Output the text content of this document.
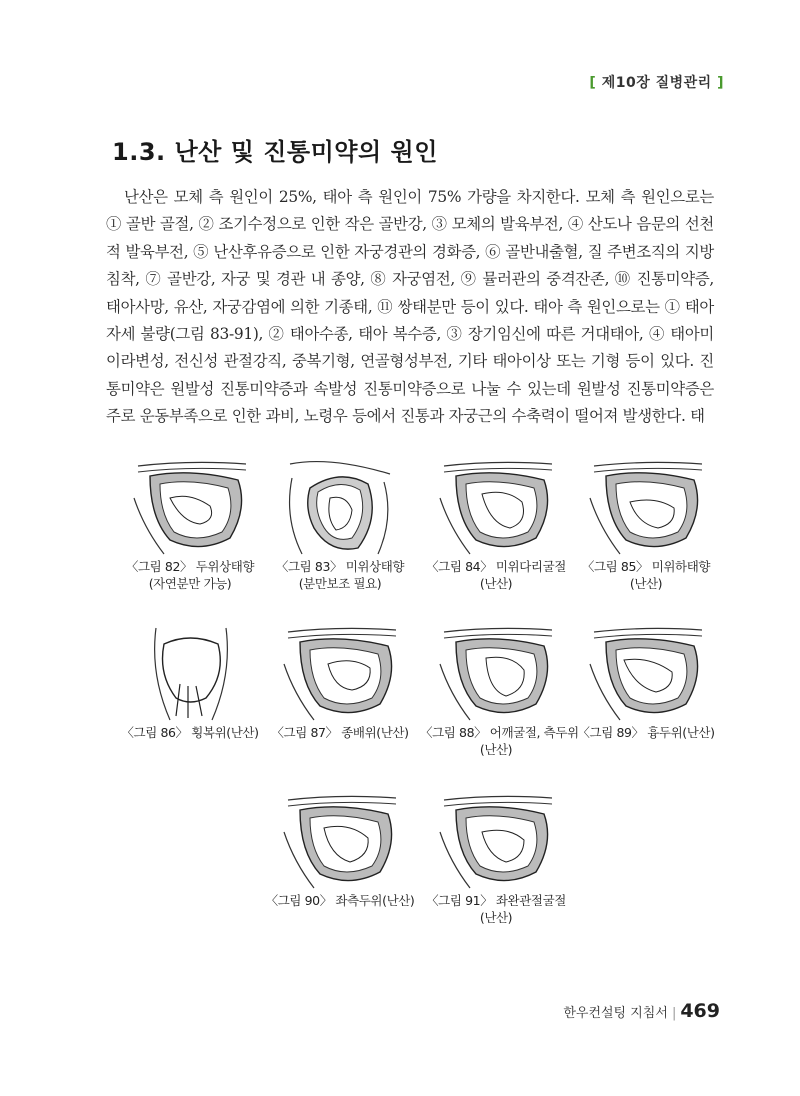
[ 제10장 질병관리 ]
1.3. 난산 및 진통미약의 원인

난산은 모체 측 원인이 25%, 태아 측 원인이 75% 가량을 차지한다. 모체 측 원인으로는 ① 골반 골절, ② 조기수정으로 인한 작은 골반강, ③ 모체의 발육부전, ④ 산도나 음문의 선천적 발육부전, ⑤ 난산후유증으로 인한 자궁경관의 경화증, ⑥ 골반내출혈, 질 주변조직의 지방침착, ⑦ 골반강, 자궁 및 경관 내 종양, ⑧ 자궁염전, ⑨ 뮬러관의 중격잔존, ⑩ 진통미약증, 태아사망, 유산, 자궁감염에 의한 기종태, ⑪ 쌍태분만 등이 있다. 태아 측 원인으로는 ① 태아 자세 불량(그림 83-91), ② 태아수종, 태아 복수증, ③ 장기임신에 따른 거대태아, ④ 태아미이라변성, 전신성 관절강직, 중복기형, 연골형성부전, 기타 태아이상 또는 기형 등이 있다. 진통미약은 원발성 진통미약증과 속발성 진통미약증으로 나눌 수 있는데 원발성 진통미약증은 주로 운동부족으로 인한 과비, 노령우 등에서 진통과 자궁근의 수축력이 떨어져 발생한다. 태

〈그림 82〉 두위상태향
(자연분만 가능)
〈그림 83〉 미위상태향
(분만보조 필요)
〈그림 84〉 미위다리굴절
(난산)
〈그림 85〉 미위하태향
(난산)
〈그림 86〉 횡복위(난산)	〈그림 87〉 종배위(난산) 〈그림 88〉 어깨굴절, 측두위
(난산)
〈그림 89〉 흉두위(난산)
〈그림 90〉 좌측두위(난산) 〈그림 91〉 좌완관절굴절
(난산)
한우컨설팅 지침서 | 469
